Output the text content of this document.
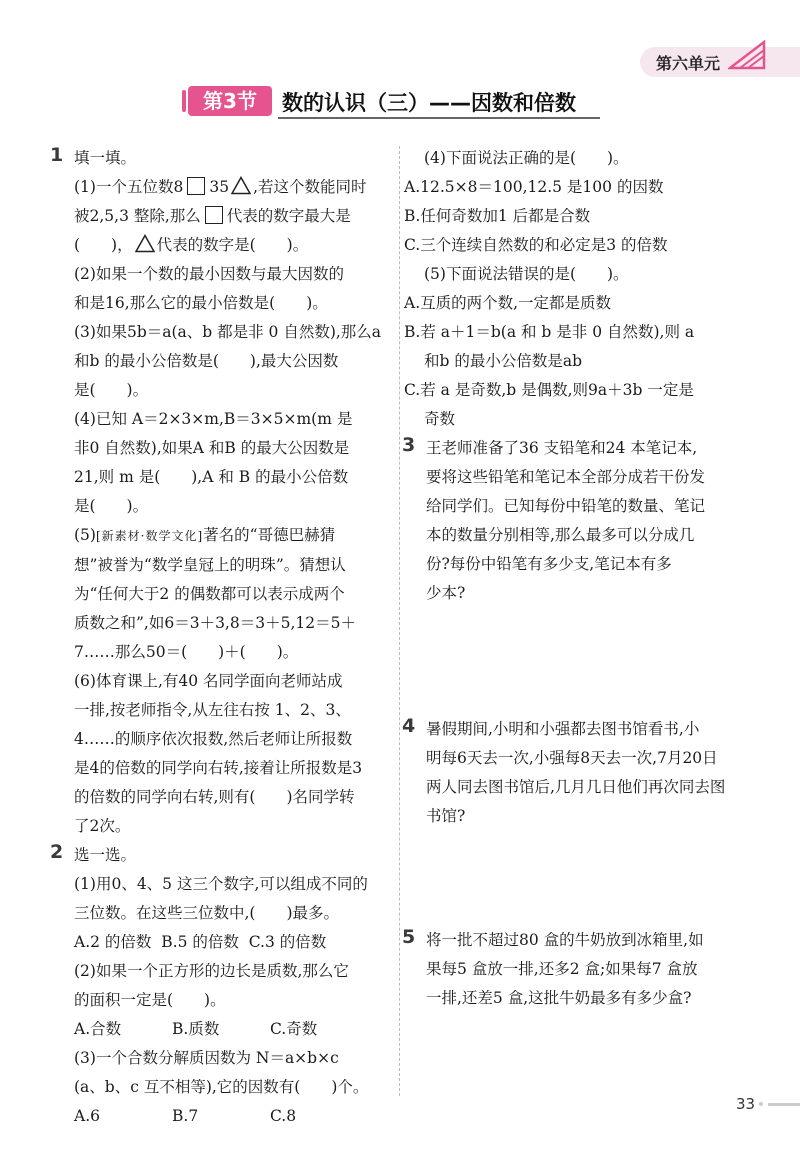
第六单元
第3节	数的认识（三）——因数和倍数
1 填一填。
(1)一个五位数8 35 ,若这个数能同时
被2,5,3 整除,那么 代表的数字最大是
(　　)， 代表的数字是(　　)。
(2)如果一个数的最小因数与最大因数的
和是16,那么它的最小倍数是(　　)。
(3)如果5b＝a(a、b 都是非 0 自然数),那么a
和b 的最小公倍数是(　　),最大公因数
是(　　)。
(4)已知 A＝2×3×m,B＝3×5×m(m 是
非0 自然数),如果A 和B 的最大公因数是
21,则 m 是(　　),A 和 B 的最小公倍数
是(　　)。
(5)[新素材·数学文化]著名的“哥德巴赫猜
想”被誉为“数学皇冠上的明珠”。猜想认
为“任何大于2 的偶数都可以表示成两个
质数之和”,如6＝3＋3,8＝3＋5,12＝5＋
7……那么50＝(　　)＋(　　)。
(6)体育课上,有40 名同学面向老师站成
一排,按老师指令,从左往右按 1、2、3、
4……的顺序依次报数,然后老师让所报数
是4的倍数的同学向右转,接着让所报数是3
的倍数的同学向右转,则有(　　)名同学转
了2次。
2 选一选。
(1)用0、4、5 这三个数字,可以组成不同的
三位数。在这些三位数中,(　　)最多。
A.2 的倍数 B.5 的倍数 C.3 的倍数
(2)如果一个正方形的边长是质数,那么它
的面积一定是(　　)。
A.合数	B.质数	C.奇数
(3)一个合数分解质因数为 N＝a×b×c
(a、b、c 互不相等),它的因数有(　　)个。
A.6	B.7	C.8
(4)下面说法正确的是(　　)。
A.12.5×8＝100,12.5 是100 的因数
B.任何奇数加1 后都是合数
C.三个连续自然数的和必定是3 的倍数
(5)下面说法错误的是(　　)。
A.互质的两个数,一定都是质数
B.若 a＋1＝b(a 和 b 是非 0 自然数),则 a
和b 的最小公倍数是ab
C.若 a 是奇数,b 是偶数,则9a＋3b 一定是
奇数
3 王老师准备了36 支铅笔和24 本笔记本,
要将这些铅笔和笔记本全部分成若干份发
给同学们。已知每份中铅笔的数量、笔记
本的数量分别相等,那么最多可以分成几
份?每份中铅笔有多少支,笔记本有多
少本?
4 暑假期间,小明和小强都去图书馆看书,小
明每6天去一次,小强每8天去一次,7月20日
两人同去图书馆后,几月几日他们再次同去图
书馆?
5 将一批不超过80 盒的牛奶放到冰箱里,如
果每5 盒放一排,还多2 盒;如果每7 盒放
一排,还差5 盒,这批牛奶最多有多少盒?
33
